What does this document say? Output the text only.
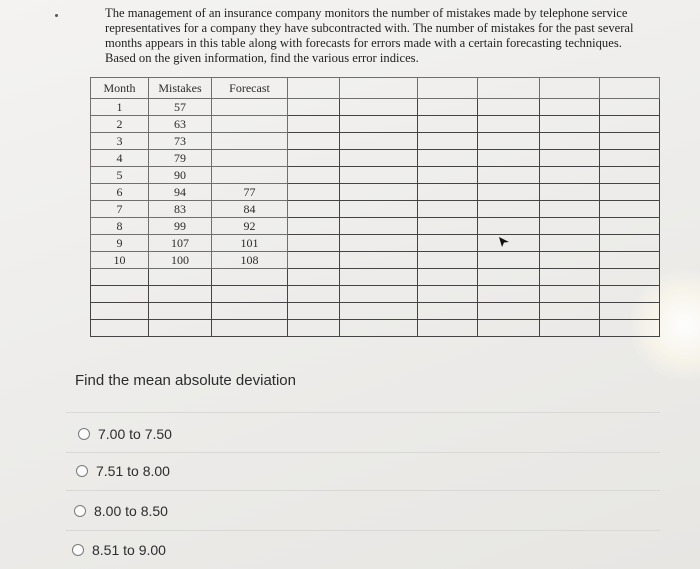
The management of an insurance company monitors the number of mistakes made by telephone service representatives for a company they have subcontracted with. The number of mistakes for the past several months appears in this table along with forecasts for errors made with a certain forecasting techniques. Based on the given information, find the various error indices.

Month	Mistakes	Forecast						
1	57							
2	63							
3	73							
4	79							
5	90							
6	94	77						
7	83	84						
8	99	92						
9	107	101						
10	100	108						

Find the mean absolute deviation

7.00 to 7.50
7.51 to 8.00
8.00 to 8.50
8.51 to 9.00
